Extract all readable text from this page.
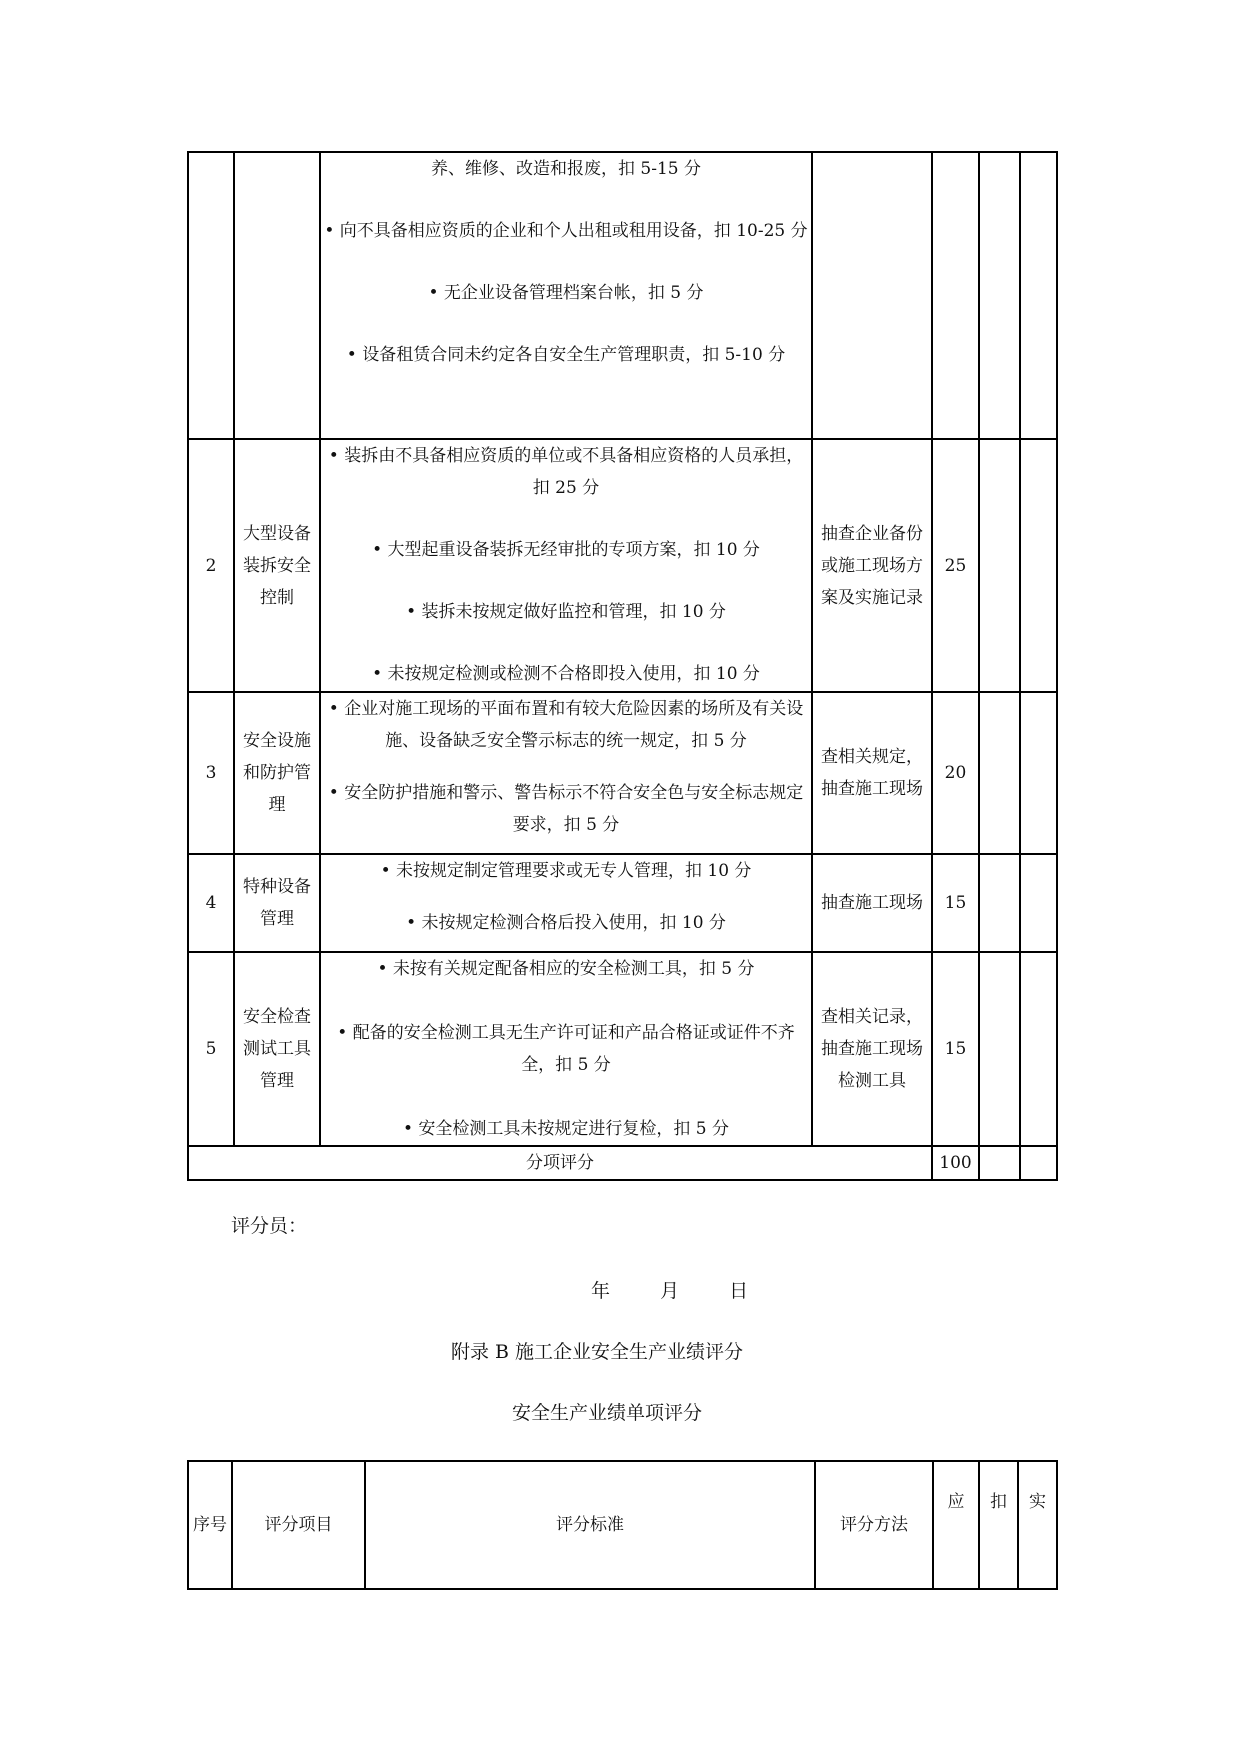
		养、维修、改造和报废，扣 5-15 分

• 向不具备相应资质的企业和个人出租或租用设备，扣 10-25 分

• 无企业设备管理档案台帐，扣 5 分

• 设备租赁合同未约定各自安全生产管理职责，扣 5-10 分				

2	大型设备装拆安全控制	• 装拆由不具备相应资质的单位或不具备相应资格的人员承担，扣 25 分

• 大型起重设备装拆无经审批的专项方案，扣 10 分

• 装拆未按规定做好监控和管理，扣 10 分

• 未按规定检测或检测不合格即投入使用，扣 10 分	抽查企业备份或施工现场方案及实施记录	25		
3	安全设施和防护管理	• 企业对施工现场的平面布置和有较大危险因素的场所及有关设施、设备缺乏安全警示标志的统一规定，扣 5 分

• 安全防护措施和警示、警告标示不符合安全色与安全标志规定要求，扣 5 分	查相关规定，抽查施工现场	20		
4	特种设备管理	• 未按规定制定管理要求或无专人管理，扣 10 分

• 未按规定检测合格后投入使用，扣 10 分	抽查施工现场	15		
5	安全检查测试工具管理	• 未按有关规定配备相应的安全检测工具，扣 5 分

• 配备的安全检测工具无生产许可证和产品合格证或证件不齐全，扣 5 分

• 安全检测工具未按规定进行复检，扣 5 分	查相关记录，抽查施工现场检测工具	15		
分项评分				100		
评分员：
年	月	日
附录 B 施工企业安全生产业绩评分
安全生产业绩单项评分
序号	评分项目	评分标准	评分方法	应	扣	实
